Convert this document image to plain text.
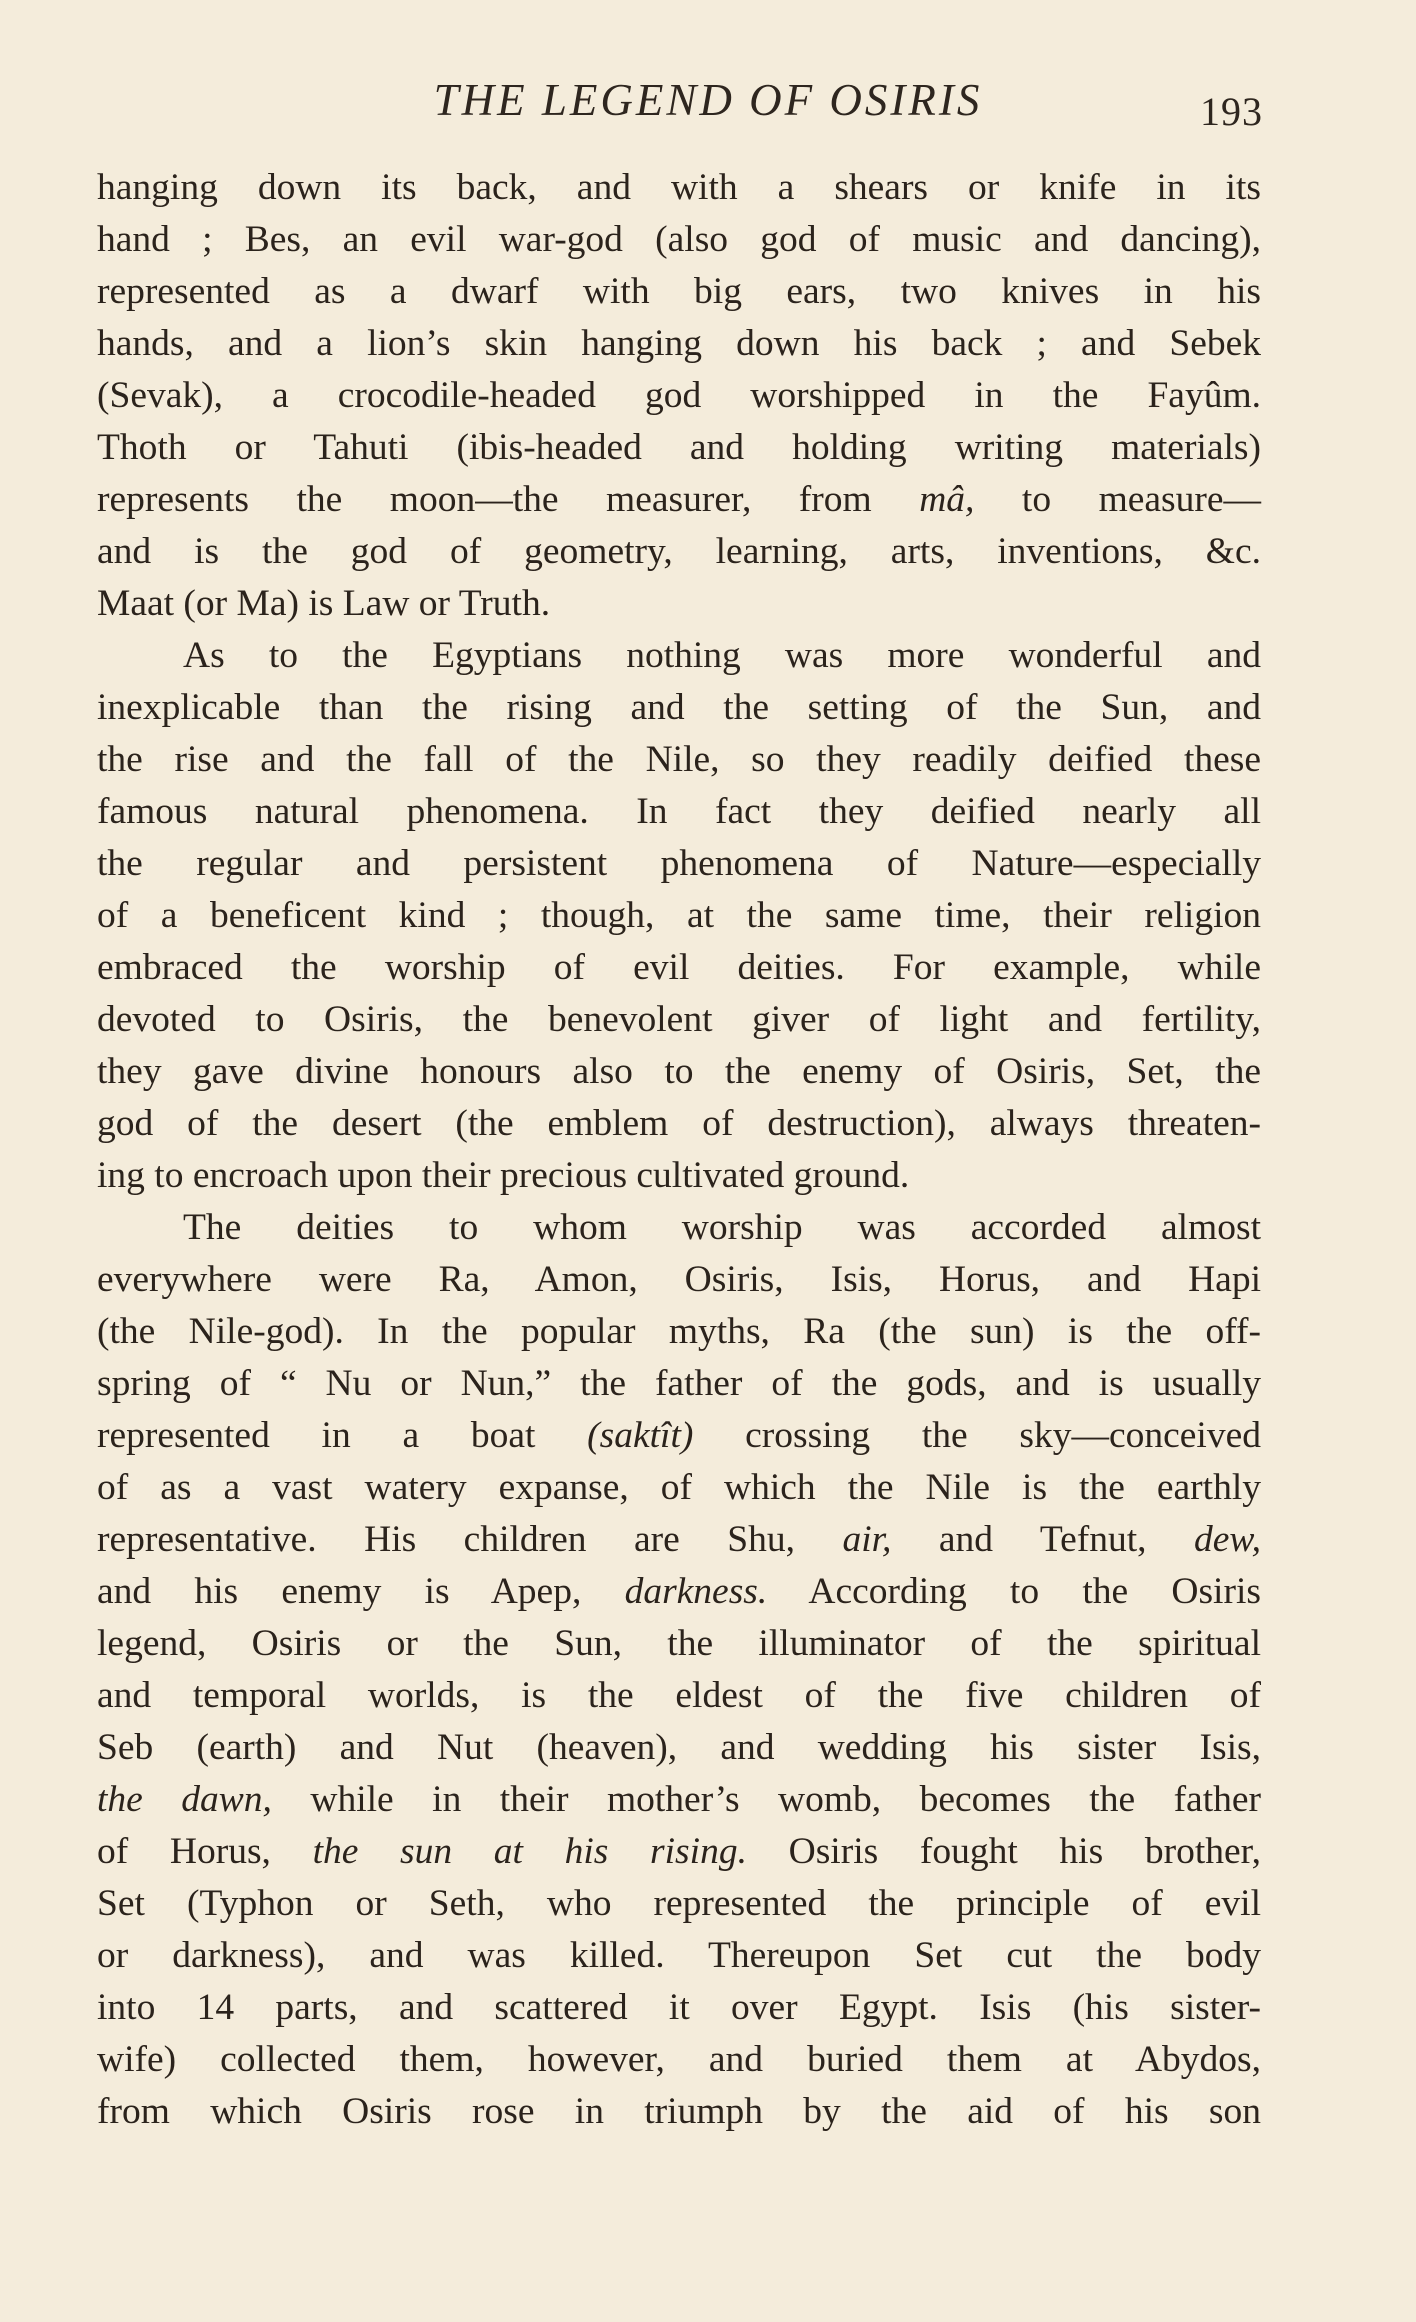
THE LEGEND OF OSIRIS	193
hanging down its back, and with a shears or knife in its
hand ; Bes, an evil war-god (also god of music and dancing),
represented as a dwarf with big ears, two knives in his
hands, and a lion’s skin hanging down his back ; and Sebek
(Sevak), a crocodile-headed god worshipped in the Fayûm.
Thoth or Tahuti (ibis-headed and holding writing materials)
represents the moon—the measurer, from mâ, to measure—
and is the god of geometry, learning, arts, inventions, &c.
Maat (or Ma) is Law or Truth.
As to the Egyptians nothing was more wonderful and
inexplicable than the rising and the setting of the Sun, and
the rise and the fall of the Nile, so they readily deified these
famous natural phenomena. In fact they deified nearly all
the regular and persistent phenomena of Nature—especially
of a beneficent kind ; though, at the same time, their religion
embraced the worship of evil deities. For example, while
devoted to Osiris, the benevolent giver of light and fertility,
they gave divine honours also to the enemy of Osiris, Set, the
god of the desert (the emblem of destruction), always threaten-
ing to encroach upon their precious cultivated ground.
The deities to whom worship was accorded almost
everywhere were Ra, Amon, Osiris, Isis, Horus, and Hapi
(the Nile-god). In the popular myths, Ra (the sun) is the off-
spring of “ Nu or Nun,” the father of the gods, and is usually
represented in a boat (saktît) crossing the sky—conceived
of as a vast watery expanse, of which the Nile is the earthly
representative. His children are Shu, air, and Tefnut, dew,
and his enemy is Apep, darkness. According to the Osiris
legend, Osiris or the Sun, the illuminator of the spiritual
and temporal worlds, is the eldest of the five children of
Seb (earth) and Nut (heaven), and wedding his sister Isis,
the dawn, while in their mother’s womb, becomes the father
of Horus, the sun at his rising. Osiris fought his brother,
Set (Typhon or Seth, who represented the principle of evil
or darkness), and was killed. Thereupon Set cut the body
into 14 parts, and scattered it over Egypt. Isis (his sister-
wife) collected them, however, and buried them at Abydos,
from which Osiris rose in triumph by the aid of his son
